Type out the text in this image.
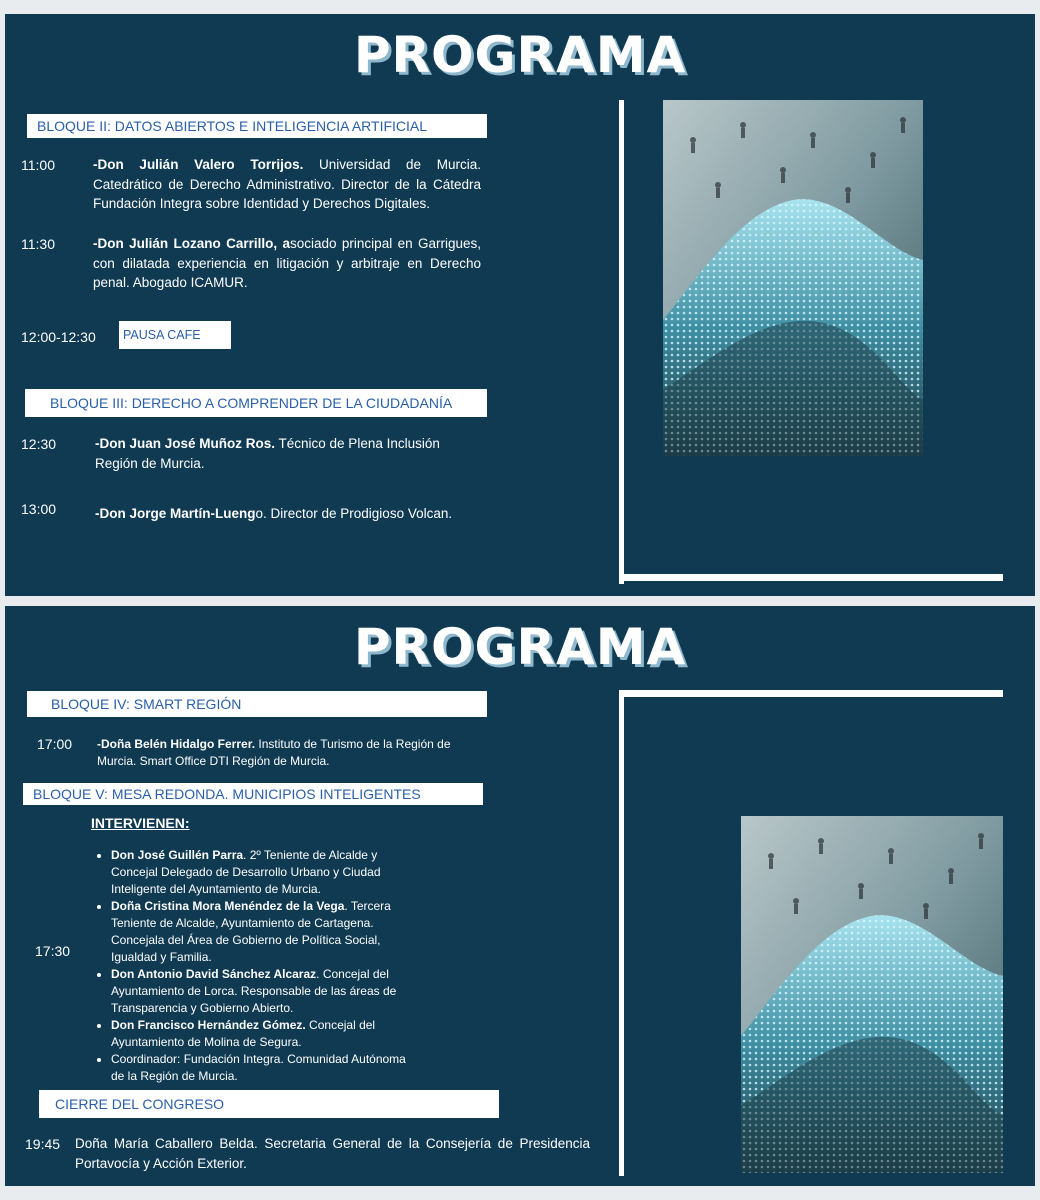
PROGRAMA
BLOQUE II: DATOS ABIERTOS E INTELIGENCIA ARTIFICIAL
11:00	-Don Julián Valero Torrijos. Universidad de Murcia. Catedrático de Derecho Administrativo. Director de la Cátedra Fundación Integra sobre Identidad y Derechos Digitales.
11:30	-Don Julián Lozano Carrillo, asociado principal en Garrigues, con dilatada experiencia en litigación y arbitraje en Derecho penal. Abogado ICAMUR.
12:00-12:30	PAUSA CAFE
BLOQUE III: DERECHO A COMPRENDER DE LA CIUDADANÍA
12:30	-Don Juan José Muñoz Ros. Técnico de Plena Inclusión Región de Murcia.
13:00	-Don Jorge Martín-Luengo. Director de Prodigioso Volcan.
PROGRAMA
BLOQUE IV: SMART REGIÓN
17:00 -Doña Belén Hidalgo Ferrer. Instituto de Turismo de la Región de Murcia. Smart Office DTI Región de Murcia.
BLOQUE V: MESA REDONDA. MUNICIPIOS INTELIGENTES
INTERVIENEN:
17:30
• Don José Guillén Parra. 2º Teniente de Alcalde y Concejal Delegado de Desarrollo Urbano y Ciudad Inteligente del Ayuntamiento de Murcia.
• Doña Cristina Mora Menéndez de la Vega. Tercera Teniente de Alcalde, Ayuntamiento de Cartagena. Concejala del Área de Gobierno de Política Social, Igualdad y Familia.
• Don Antonio David Sánchez Alcaraz. Concejal del Ayuntamiento de Lorca. Responsable de las áreas de Transparencia y Gobierno Abierto.
• Don Francisco Hernández Gómez. Concejal del Ayuntamiento de Molina de Segura.
• Coordinador: Fundación Integra. Comunidad Autónoma de la Región de Murcia.
CIERRE DEL CONGRESO
19:45 Doña María Caballero Belda. Secretaria General de la Consejería de Presidencia Portavocía y Acción Exterior.
